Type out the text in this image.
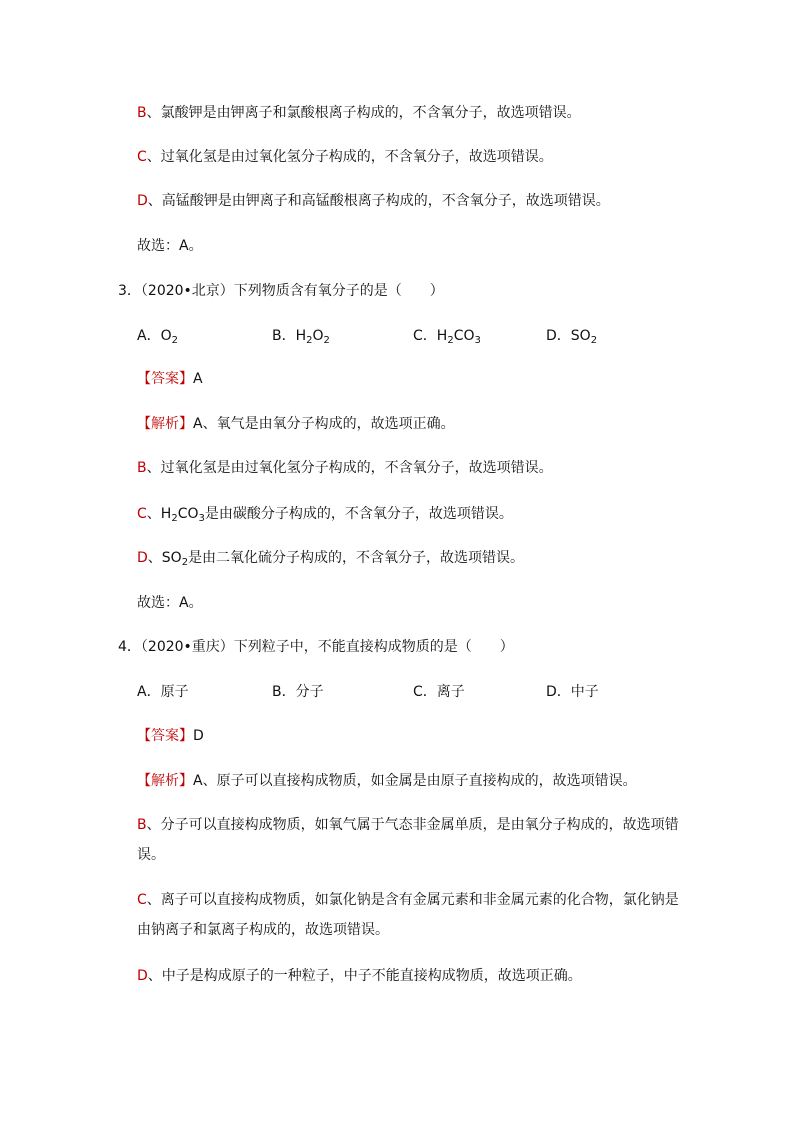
B、氯酸钾是由钾离子和氯酸根离子构成的，不含氧分子，故选项错误。
C、过氧化氢是由过氧化氢分子构成的，不含氧分子，故选项错误。
D、高锰酸钾是由钾离子和高锰酸根离子构成的，不含氧分子，故选项错误。
故选：A。
3．（2020•北京）下列物质含有氧分子的是（　　）
A．$O_2$	B．$H_2O_2$	C．$H_2CO_3$	D．$SO_2$
【答案】A
【解析】A、氧气是由氧分子构成的，故选项正确。
B、过氧化氢是由过氧化氢分子构成的，不含氧分子，故选项错误。
C、$H_2CO_3$是由碳酸分子构成的，不含氧分子，故选项错误。
D、$SO_2$是由二氧化硫分子构成的，不含氧分子，故选项错误。
故选：A。
4．（2020•重庆）下列粒子中，不能直接构成物质的是（　　）
A．原子	B．分子	C．离子	D．中子
【答案】D
【解析】A、原子可以直接构成物质，如金属是由原子直接构成的，故选项错误。
B、分子可以直接构成物质，如氧气属于气态非金属单质，是由氧分子构成的，故选项错
误。
C、离子可以直接构成物质，如氯化钠是含有金属元素和非金属元素的化合物，氯化钠是
由钠离子和氯离子构成的，故选项错误。
D、中子是构成原子的一种粒子，中子不能直接构成物质，故选项正确。
